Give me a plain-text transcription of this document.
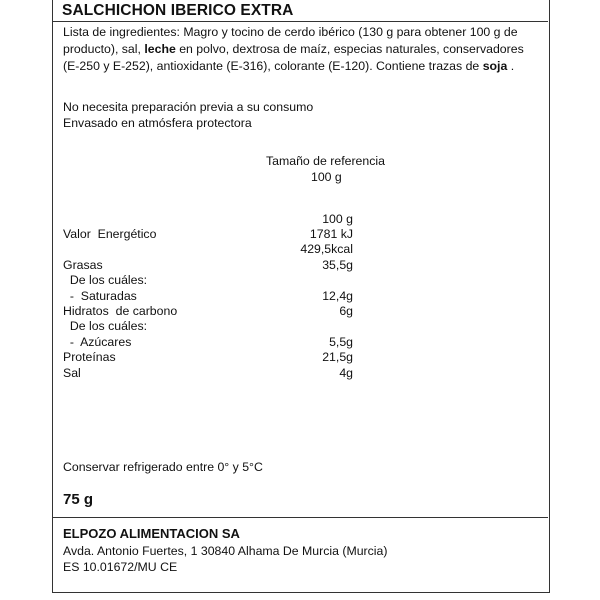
SALCHICHON IBERICO EXTRA
Lista de ingredientes: Magro y tocino de cerdo ibérico (130 g para obtener 100 g de producto), sal, leche en polvo, dextrosa de maíz, especias naturales, conservadores (E-250 y E-252), antioxidante (E-316), colorante (E-120). Contiene trazas de soja .
No necesita preparación previa a su consumo
Envasado en atmósfera protectora
Tamaño de referencia
100 g
100 g
Valor  Energético	1781 kJ
429,5kcal
Grasas	35,5g
De los cuáles:
-  Saturadas	12,4g
Hidratos  de carbono	6g
De los cuáles:
-  Azúcares	5,5g
Proteínas	21,5g
Sal	4g
Conservar refrigerado entre 0° y 5°C
75 g
ELPOZO ALIMENTACION SA
Avda. Antonio Fuertes, 1 30840 Alhama De Murcia (Murcia)
ES 10.01672/MU CE
